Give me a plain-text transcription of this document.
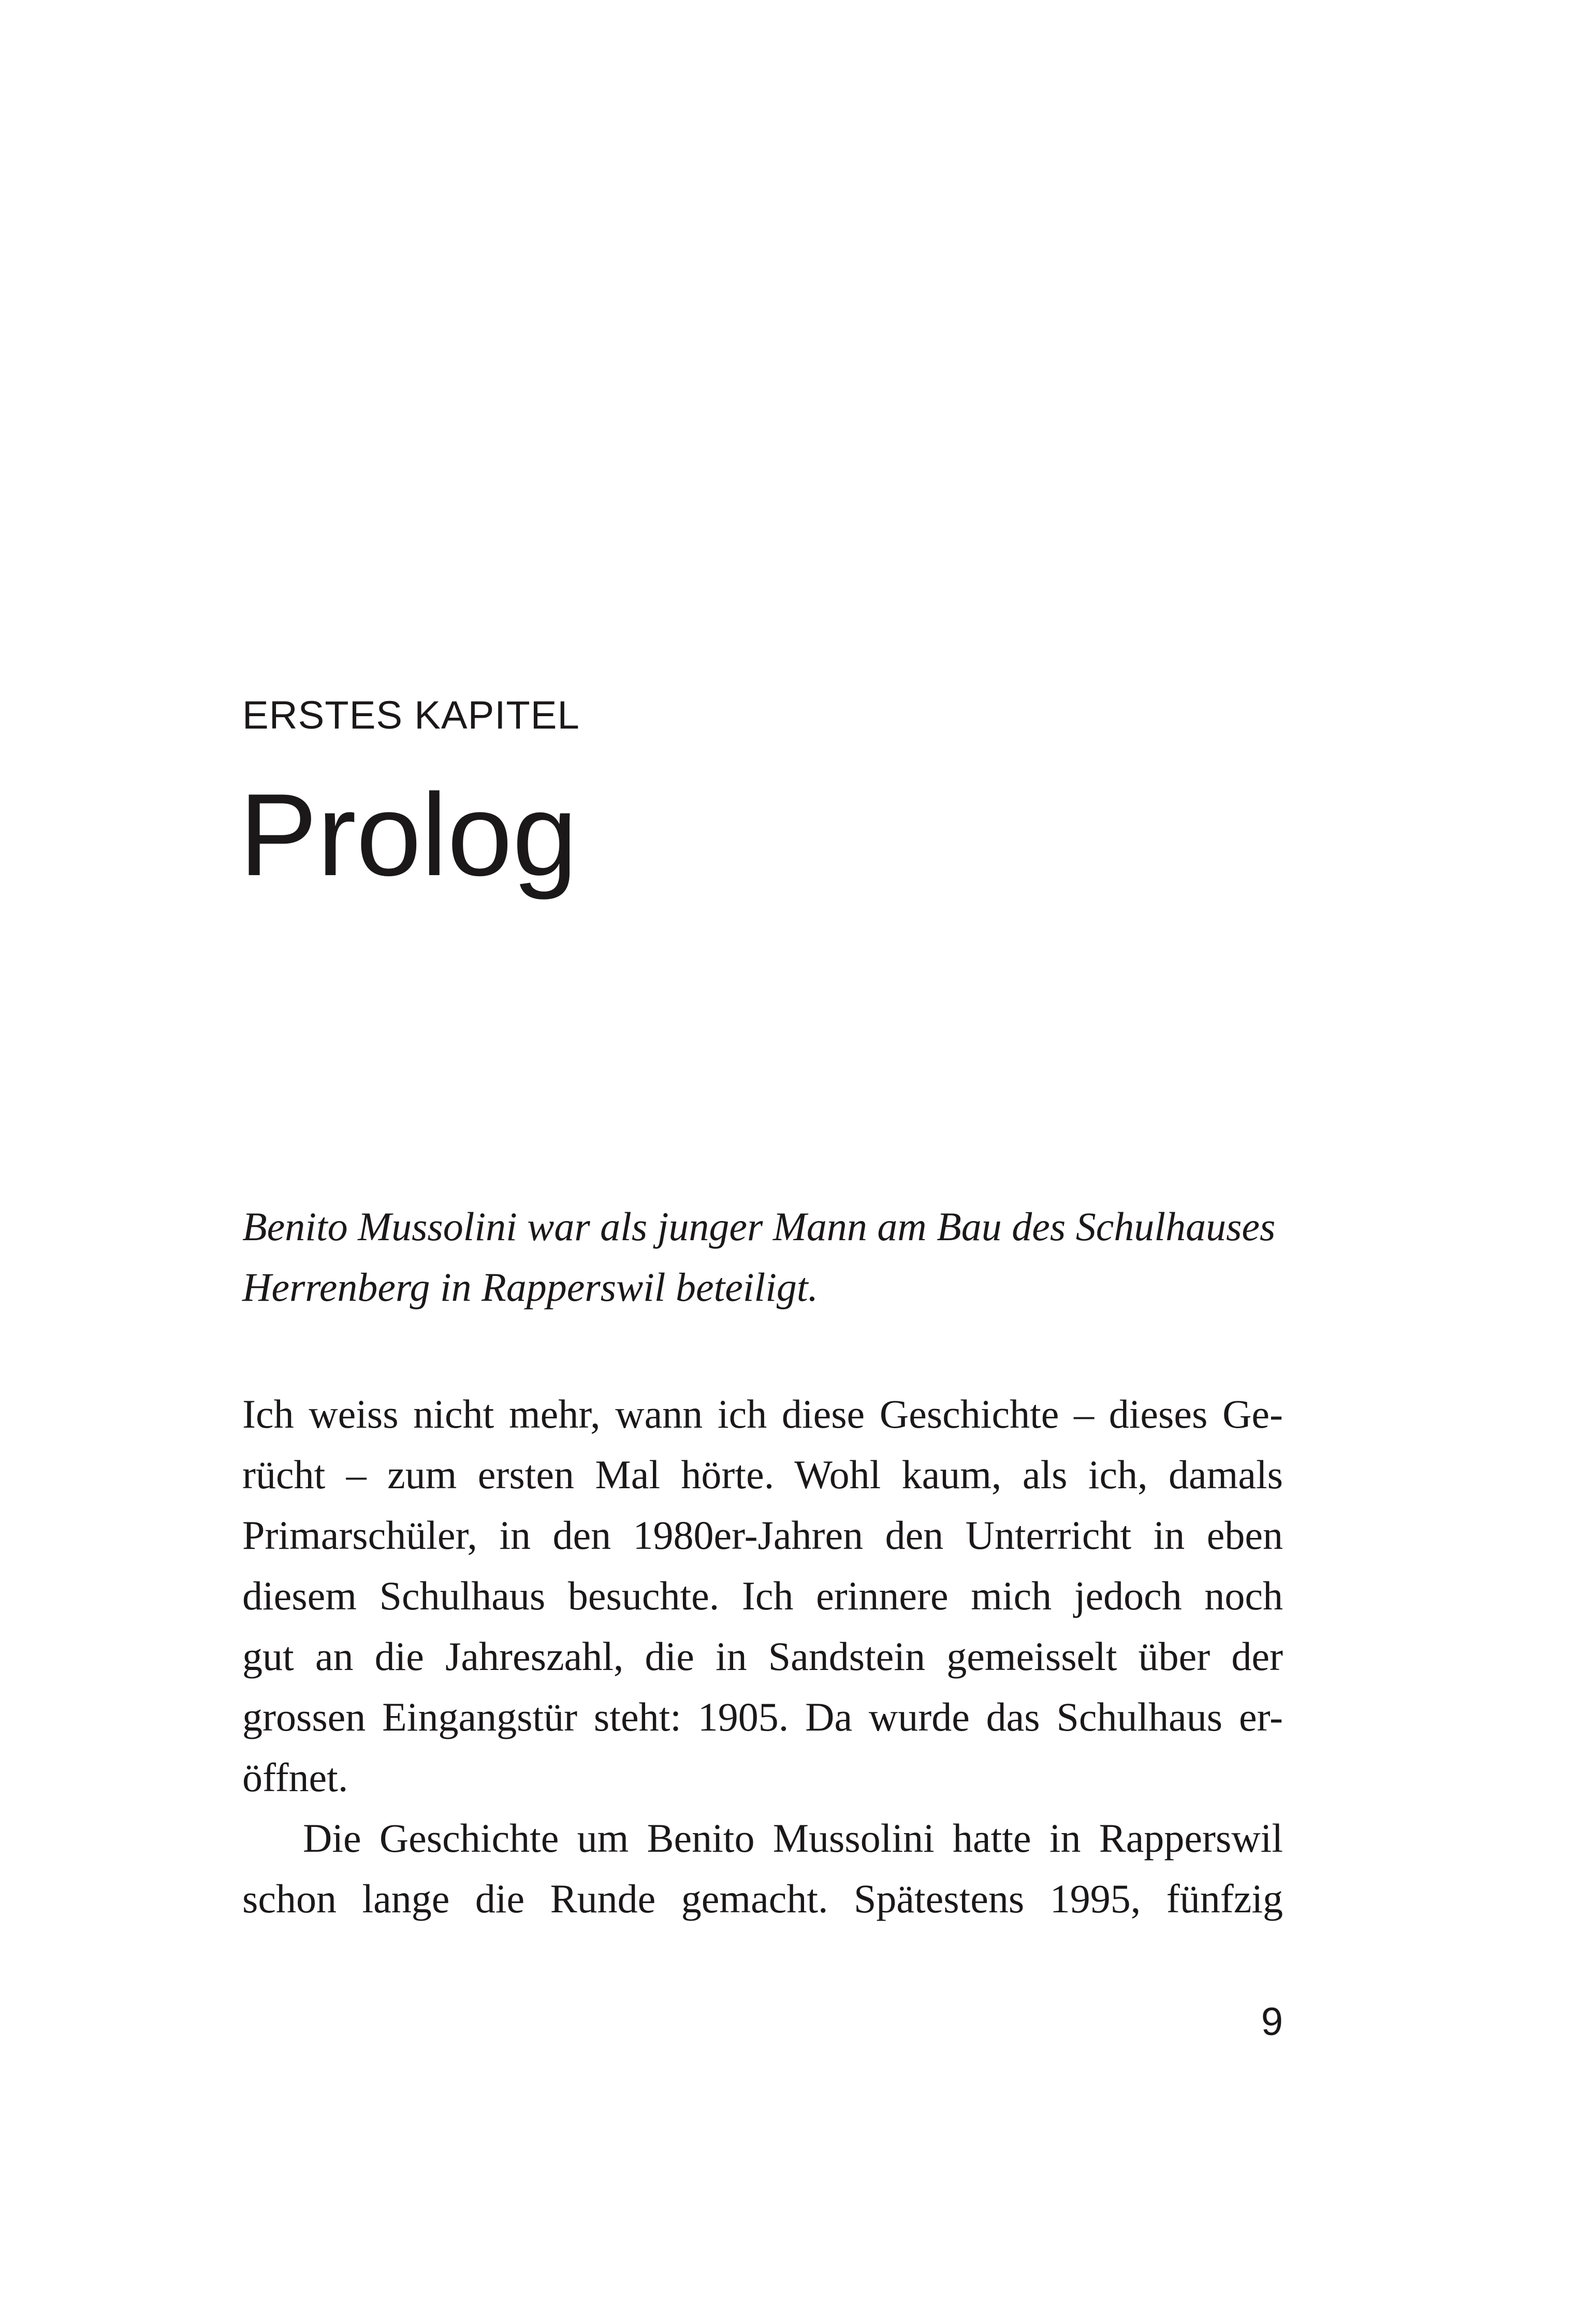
ERSTES KAPITEL

Prolog
Benito Mussolini war als junger Mann am Bau des Schulhauses
Herrenberg in Rapperswil beteiligt.
Ich weiss nicht mehr, wann ich diese Geschichte – dieses Ge-
rücht – zum ersten Mal hörte. Wohl kaum, als ich, damals
Primarschüler, in den 1980er-Jahren den Unterricht in eben
diesem Schulhaus besuchte. Ich erinnere mich jedoch noch
gut an die Jahreszahl, die in Sandstein gemeisselt über der
grossen Eingangstür steht: 1905. Da wurde das Schulhaus er-
öffnet.
Die Geschichte um Benito Mussolini hatte in Rapperswil
schon lange die Runde gemacht. Spätestens 1995, fünfzig

9
